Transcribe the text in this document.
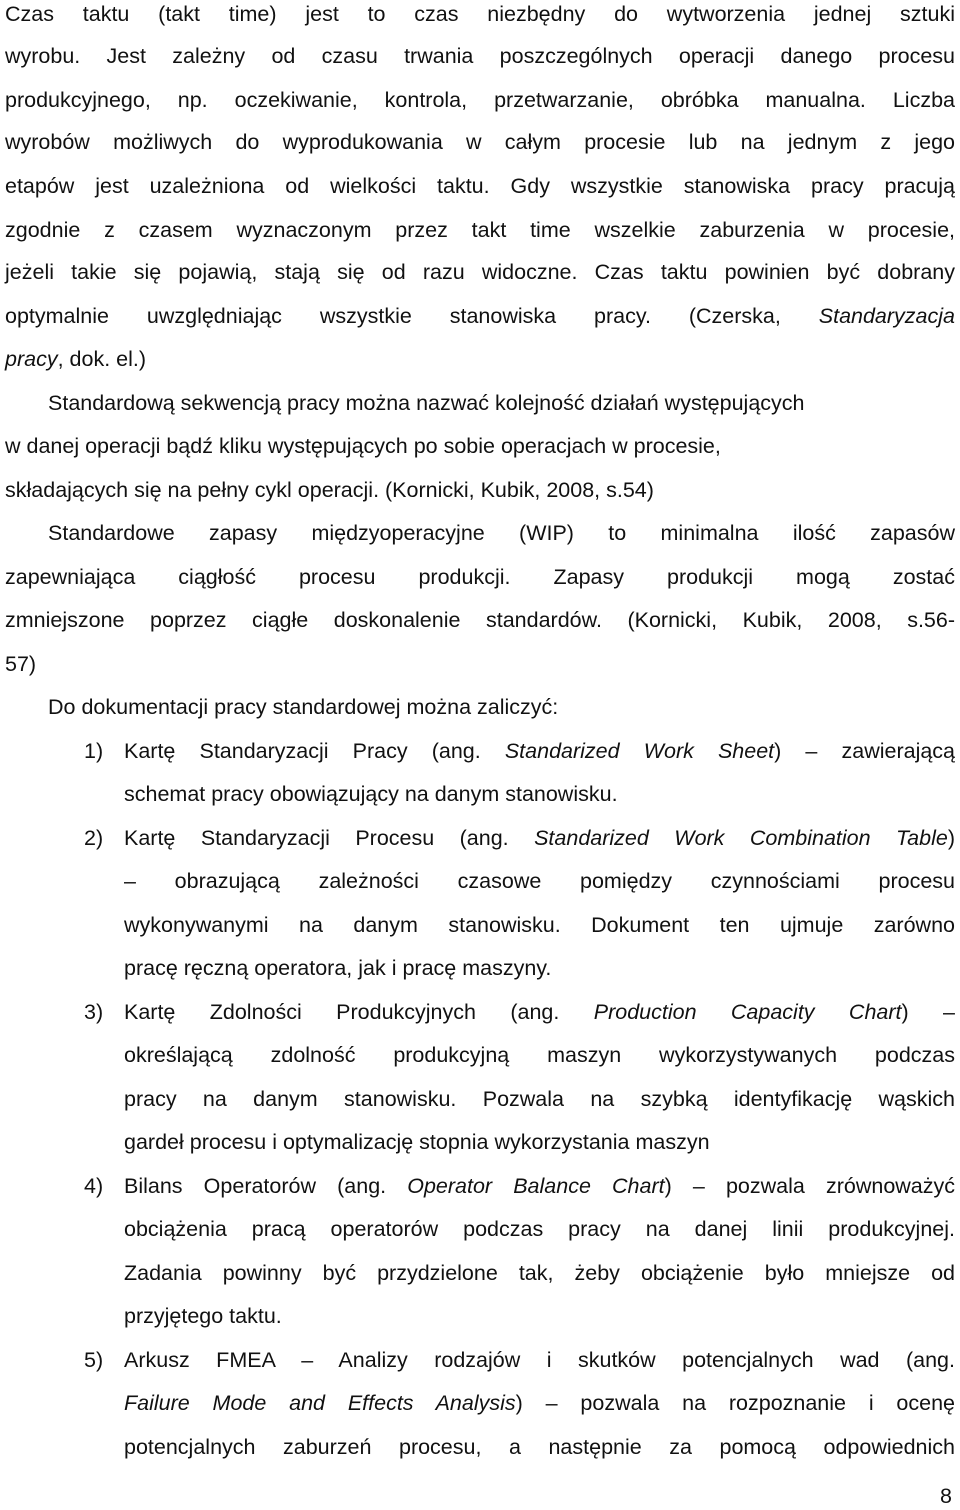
Czas taktu (takt time) jest to czas niezbędny do wytworzenia jednej sztuki
wyrobu. Jest zależny od czasu trwania poszczególnych operacji danego procesu
produkcyjnego, np. oczekiwanie, kontrola, przetwarzanie, obróbka manualna. Liczba
wyrobów możliwych do wyprodukowania w całym procesie lub na jednym z jego
etapów jest uzależniona od wielkości taktu. Gdy wszystkie stanowiska pracy pracują
zgodnie z czasem wyznaczonym przez takt time wszelkie zaburzenia w procesie,
jeżeli takie się pojawią, stają się od razu widoczne. Czas taktu powinien być dobrany
optymalnie uwzględniając wszystkie stanowiska pracy. (Czerska, Standaryzacja
pracy, dok. el.)
Standardową sekwencją pracy można nazwać kolejność działań występujących
w danej operacji bądź kliku występujących po sobie operacjach w procesie,
składających się na pełny cykl operacji. (Kornicki, Kubik, 2008, s.54)
Standardowe zapasy międzyoperacyjne (WIP) to minimalna ilość zapasów
zapewniająca ciągłość procesu produkcji. Zapasy produkcji mogą zostać
zmniejszone poprzez ciągłe doskonalenie standardów. (Kornicki, Kubik, 2008, s.56-
57)
Do dokumentacji pracy standardowej można zaliczyć:
1) Kartę Standaryzacji Pracy (ang. Standarized Work Sheet) – zawierającą
schemat pracy obowiązujący na danym stanowisku.
2) Kartę Standaryzacji Procesu (ang. Standarized Work Combination Table)
– obrazującą zależności czasowe pomiędzy czynnościami procesu
wykonywanymi na danym stanowisku. Dokument ten ujmuje zarówno
pracę ręczną operatora, jak i pracę maszyny.
3) Kartę Zdolności Produkcyjnych (ang. Production Capacity Chart) –
określającą zdolność produkcyjną maszyn wykorzystywanych podczas
pracy na danym stanowisku. Pozwala na szybką identyfikację wąskich
gardeł procesu i optymalizację stopnia wykorzystania maszyn
4) Bilans Operatorów (ang. Operator Balance Chart) – pozwala zrównoważyć
obciążenia pracą operatorów podczas pracy na danej linii produkcyjnej.
Zadania powinny być przydzielone tak, żeby obciążenie było mniejsze od
przyjętego taktu.
5) Arkusz FMEA – Analizy rodzajów i skutków potencjalnych wad (ang.
Failure Mode and Effects Analysis) – pozwala na rozpoznanie i ocenę
potencjalnych zaburzeń procesu, a następnie za pomocą odpowiednich
8
